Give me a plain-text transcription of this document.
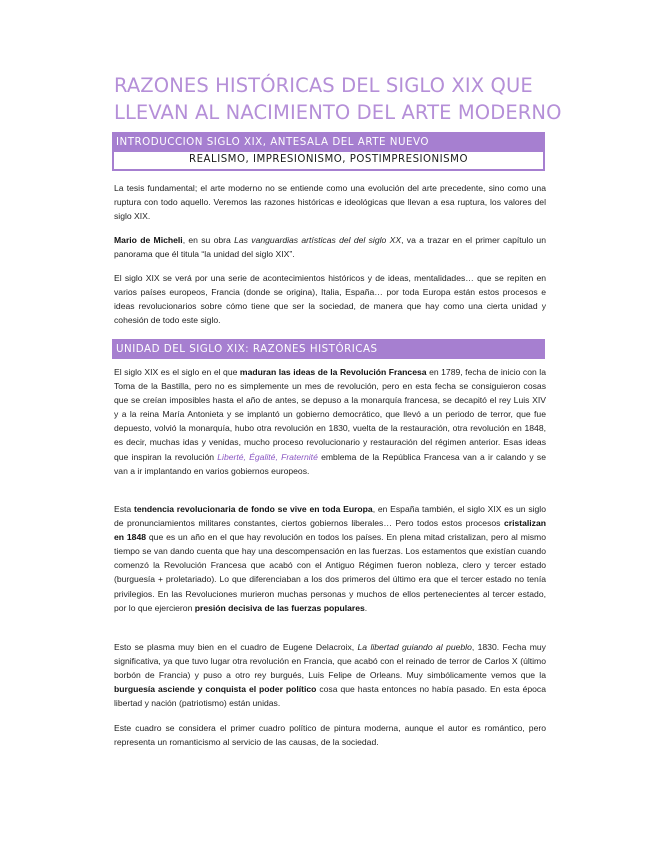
RAZONES HISTÓRICAS DEL SIGLO XIX QUE
LLEVAN AL NACIMIENTO DEL ARTE MODERNO
INTRODUCCION SIGLO XIX, ANTESALA DEL ARTE NUEVO
REALISMO, IMPRESIONISMO, POSTIMPRESIONISMO

La tesis fundamental; el arte moderno no se entiende como una evolución del arte precedente, sino como una ruptura con todo aquello. Veremos las razones históricas e ideológicas que llevan a esa ruptura, los valores del siglo XIX.

Mario de Micheli, en su obra Las vanguardias artísticas del del siglo XX, va a trazar en el primer capítulo un panorama que él titula “la unidad del siglo XIX”.

El siglo XIX se verá por una serie de acontecimientos históricos y de ideas, mentalidades… que se repiten en varios países europeos, Francia (donde se origina), Italia, España… por toda Europa están estos procesos e ideas revolucionarios sobre cómo tiene que ser la sociedad, de manera que hay como una cierta unidad y cohesión de todo este siglo.

UNIDAD DEL SIGLO XIX: RAZONES HISTÓRICAS

El siglo XIX es el siglo en el que maduran las ideas de la Revolución Francesa en 1789, fecha de inicio con la Toma de la Bastilla, pero no es simplemente un mes de revolución, pero en esta fecha se consiguieron cosas que se creían imposibles hasta el año de antes, se depuso a la monarquía francesa, se decapitó el rey Luis XIV y a la reina María Antonieta y se implantó un gobierno democrático, que llevó a un periodo de terror, que fue depuesto, volvió la monarquía, hubo otra revolución en 1830, vuelta de la restauración, otra revolución en 1848, es decir, muchas idas y venidas, mucho proceso revolucionario y restauración del régimen anterior. Esas ideas que inspiran la revolución Liberté, Égalité, Fraternité emblema de la República Francesa van a ir calando y se van a ir implantando en varios gobiernos europeos.

Esta tendencia revolucionaria de fondo se vive en toda Europa, en España también, el siglo XIX es un siglo de pronunciamientos militares constantes, ciertos gobiernos liberales… Pero todos estos procesos cristalizan en 1848 que es un año en el que hay revolución en todos los países. En plena mitad cristalizan, pero al mismo tiempo se van dando cuenta que hay una descompensación en las fuerzas. Los estamentos que existían cuando comenzó la Revolución Francesa que acabó con el Antiguo Régimen fueron nobleza, clero y tercer estado (burguesía + proletariado). Lo que diferenciaban a los dos primeros del último era que el tercer estado no tenía privilegios. En las Revoluciones murieron muchas personas y muchos de ellos pertenecientes al tercer estado, por lo que ejercieron presión decisiva de las fuerzas populares.

Esto se plasma muy bien en el cuadro de Eugene Delacroix, La libertad guiando al pueblo, 1830. Fecha muy significativa, ya que tuvo lugar otra revolución en Francia, que acabó con el reinado de terror de Carlos X (último borbón de Francia) y puso a otro rey burgués, Luis Felipe de Orleans. Muy simbólicamente vemos que la burguesía asciende y conquista el poder político cosa que hasta entonces no había pasado. En esta época libertad y nación (patriotismo) están unidas.

Este cuadro se considera el primer cuadro político de pintura moderna, aunque el autor es romántico, pero representa un romanticismo al servicio de las causas, de la sociedad.
